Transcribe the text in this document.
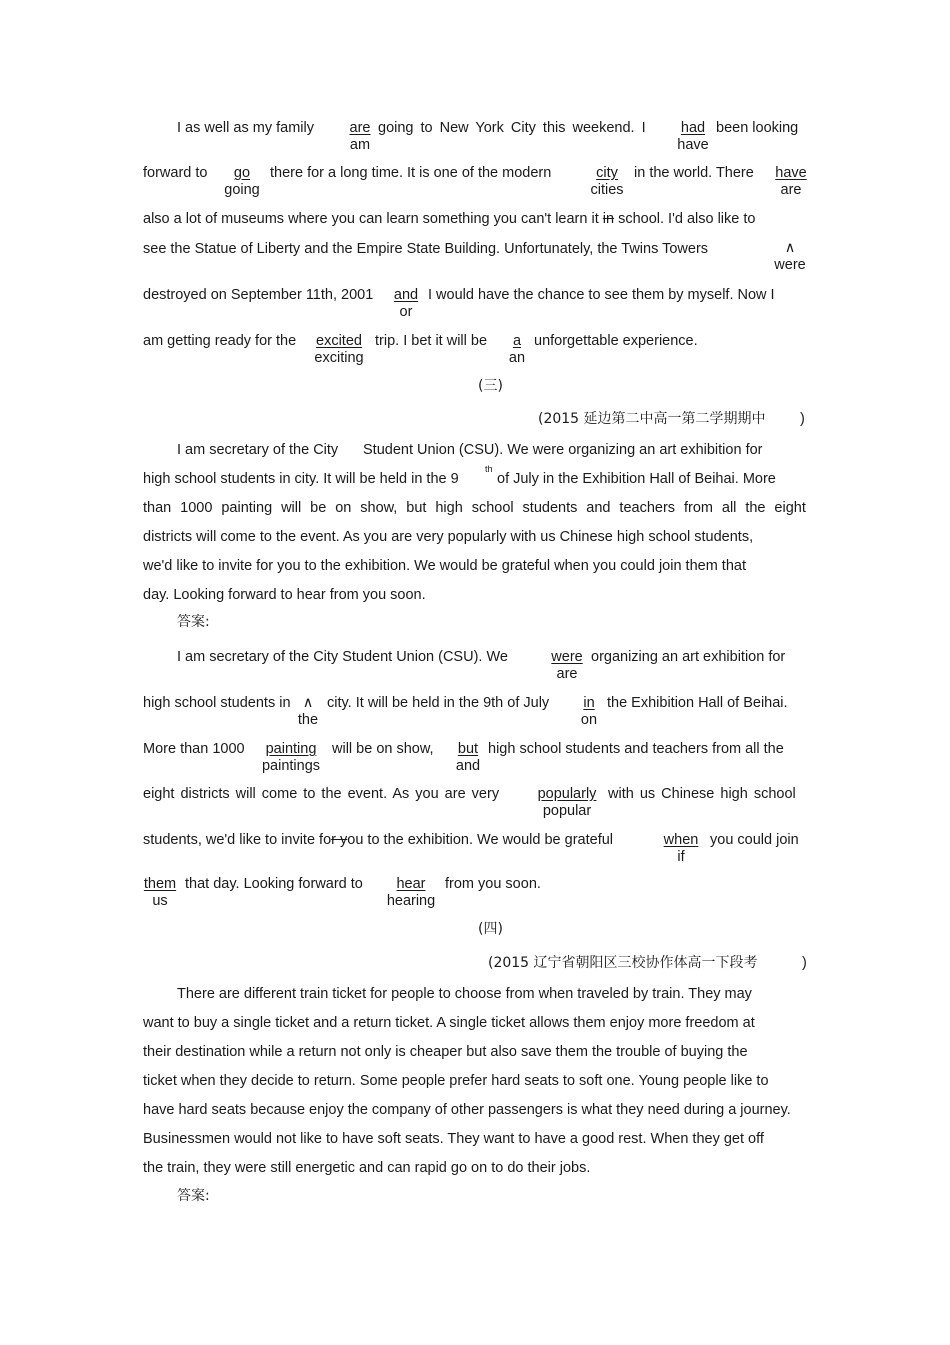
I as well as my family are
am
going to New York City this weekend. I	had
have
been looking
forward to	go
going
there for a long time. It is one of the modern	city
cities
in the world. There have
are
also a lot of museums where you can learn something you can't learn it in school. I'd also like to
see the Statue of Liberty and the Empire State Building. Unfortunately, the Twins Towers	∧
were
destroyed on September 11th, 2001 and
or
I would have the chance to see them by myself. Now I
am getting ready for the	excited
exciting
trip. I bet it will be	a
an
unforgettable experience.
(三)
(2015 延边第二中高一第二学期期中 )
I am secretary of the City Student Union (CSU). We were organizing an art exhibition for
high school students in city. It will be held in the 9
th
of July in the Exhibition Hall of Beihai. More
than 1000 painting will be on show, but high school students and teachers from all the eight
districts will come to the event. As you are very popularly with us Chinese high school students,
we'd like to invite for you to the exhibition. We would be grateful when you could join them that
day. Looking forward to hear from you soon.
答案:
I am secretary of the City Student Union (CSU). We	were
are
organizing an art exhibition for
high school students in ∧
the
city. It will be held in the 9th of July	in
on
the Exhibition Hall of Beihai.
More than 1000	painting
paintings
will be on show,	but
and
high school students and teachers from all the
eight districts will come to the event. As you are very	popularly
popular
with us Chinese high school
students, we'd like to invite for you to the exhibition. We would be grateful	when
if
you could join
them
us
that day. Looking forward to	hear
hearing
from you soon.
(四)
(2015 辽宁省朝阳区三校协作体高一下段考	)
There are different train ticket for people to choose from when traveled by train. They may
want to buy a single ticket and a return ticket. A single ticket allows them enjoy more freedom at
their destination while a return not only is cheaper but also save them the trouble of buying the
ticket when they decide to return. Some people prefer hard seats to soft one. Young people like to
have hard seats because enjoy the company of other passengers is what they need during a journey.
Businessmen would not like to have soft seats. They want to have a good rest. When they get off
the train, they were still energetic and can rapid go on to do their jobs.
答案:
